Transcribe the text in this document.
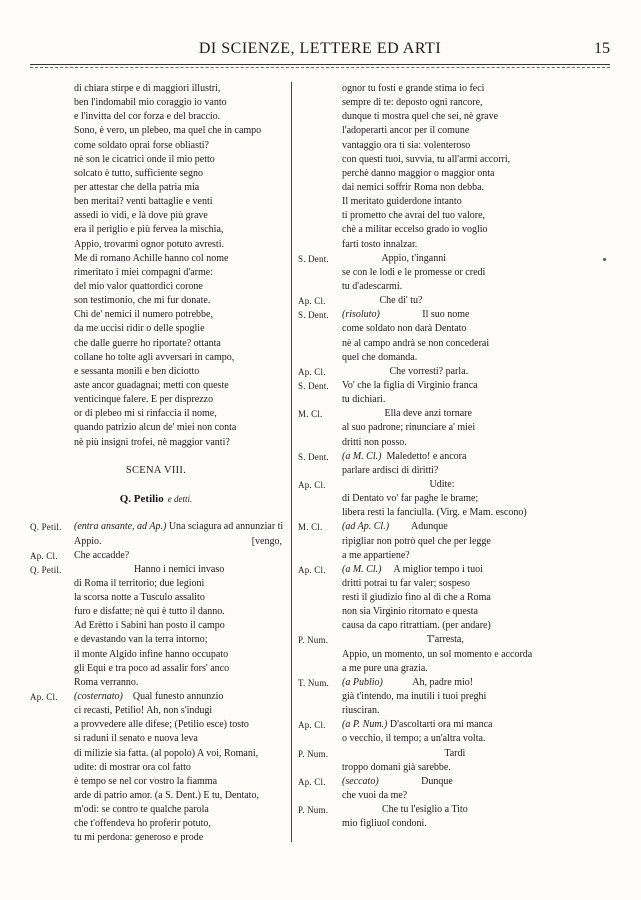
DI SCIENZE, LETTERE ED ARTI	15
di chiara stirpe e di maggiori illustri,
ben l'indomabil mio coraggio io vanto
e l'invitta del cor forza e del braccio.
Sono, è vero, un plebeo, ma quel che in campo
come soldato oprai forse obliasti?
nè son le cicatrici onde il mio petto
solcato è tutto, sufficiente segno
per attestar che della patria mia
ben meritai? venti battaglie e venti
assedi io vidi, e là dove più grave
era il periglio e più fervea la mischia,
Appio, trovarmi ognor potuto avresti.
Me di romano Achille hanno col nome
rimeritato i miei compagni d'arme:
del mio valor quattordici corone
son testimonio, che mi fur donate.
Chi de' nemici il numero potrebbe,
da me uccisi ridir o delle spoglie
che dalle guerre ho riportate? ottanta
collane ho tolte agli avversari in campo,
e sessanta monili e ben diciotto
aste ancor guadagnai; metti con queste
venticinque falere. E per disprezzo
or di plebeo mi si rinfaccia il nome,
quando patrizio alcun de' miei non conta
nè più insigni trofei, nè maggior vanti?
SCENA VIII.
Q. Petilio e detti.
Q. Petil.	(entra ansante, ad Ap.) Una sciagura ad annunziar ti
Appio.	[vengo,
Ap. Cl.	Che accadde?
Q. Petil.	Hanno i nemici invaso
di Roma il territorio; due legioni
la scorsa notte a Tusculo assalito
furo e disfatte; nè qui è tutto il danno.
Ad Erètto i Sabini han posto il campo
e devastando van la terra intorno;
il monte Algido infine hanno occupato
gli Equi e tra poco ad assalir fors' anco
Roma verranno.
Ap. Cl.	(costernato)    Qual funesto annunzio
ci recasti, Petilio! Ah, non s'indugi
a provvedere alle difese; (Petilio esce) tosto
si raduni il senato e nuova leva
di milizie sia fatta. (al popolo) A voi, Romani,
udite: di mostrar ora col fatto
è tempo se nel cor vostro la fiamma
arde di patrio amor. (a S. Dent.) E tu, Dentato,
m'odi: se contro te qualche parola
che t'offendeva ho proferir potuto,
tu mi perdona: generoso e prode
ognor tu fosti e grande stima io feci
sempre di te: deposto ogni rancore,
dunque ti mostra quel che sei, nè grave
l'adoperarti ancor per il comune
vantaggio ora ti sia: volenteroso
con questi tuoi, suvvia, tu all'armi accorri,
perchè danno maggior o maggior onta
dai nemici soffrir Roma non debba.
Il meritato guiderdone intanto
ti prometto che avrai del tuo valore,
chè a militar eccelso grado io voglio
farti tosto innalzar.
S. Dent.	Appio, t'inganni
se con le lodi e le promesse or credi
tu d'adescarmi.
Ap. Cl.	Che di' tu?
S. Dent.	(risoluto)                 Il suo nome
come soldato non darà Dentato
nè al campo andrà se non concederai
quel che domanda.
Ap. Cl.	Che vorresti? parla.
S. Dent.	Vo' che la figlia di Virginio franca
tu dichiari.
M. Cl.	Ella deve anzi tornare
al suo padrone; rinunciare a' miei
dritti non posso.
S. Dent.	(a M. Cl.)  Maledetto! e ancora
parlare ardisci di diritti?
Ap. Cl.	Udite:
di Dentato vo' far paghe le brame;
libera resti la fanciulla. (Virg. e Mam. escono)
M. Cl.	(ad Ap. Cl.)         Adunque
ripigliar non potrò quel che per legge
a me appartiene?
Ap. Cl.	(a M. Cl.)     A miglior tempo i tuoi
dritti potrai tu far valer; sospeso
resti il giudizio fino al dì che a Roma
non sia Virginio ritornato e questa
causa da capo ritrattiam. (per andare)
P. Num.	T'arresta,
Appio, un momento, un sol momento e accorda
a me pure una grazia.
T. Num.	(a Publio)            Ah, padre mio!
già t'intendo, ma inutili i tuoi preghi
riusciran.
Ap. Cl.	(a P. Num.) D'ascoltarti ora mi manca
o vecchio, il tempo; a un'altra volta.
P. Num.	Tardi
troppo domani già sarebbe.
Ap. Cl.	(seccato)                 Dunque
che vuoi da me?
P. Num.	Che tu l'esiglio a Tito
mio figliuol condoni.
